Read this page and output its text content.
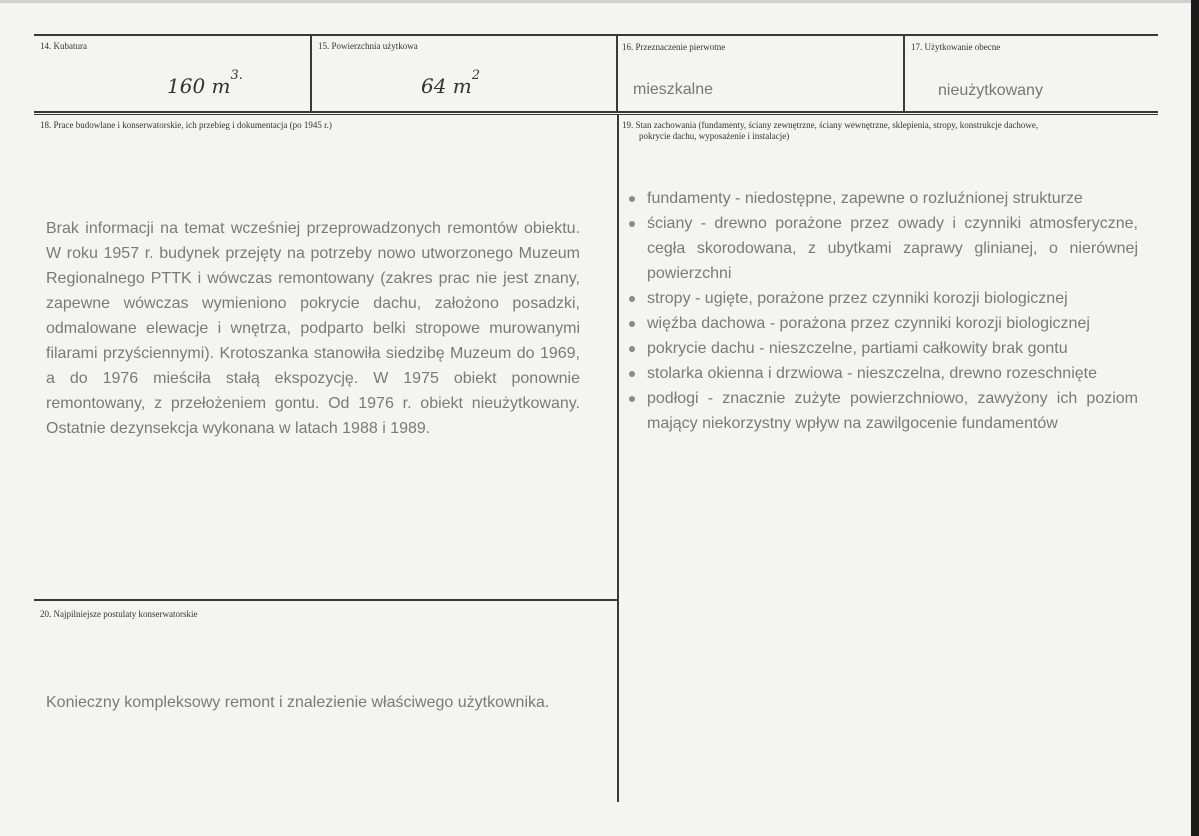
14. Kubatura
160 $m^{3.}$
15. Powierzchnia użytkowa
64 $m^2$
16. Przeznaczenie pierwotne
mieszkalne
17. Użytkowanie obecne
nieużytkowany
18. Prace budowlane i konserwatorskie, ich przebieg i dokumentacja (po 1945 r.)

Brak informacji na temat wcześniej przeprowadzonych remontów obiektu. W roku 1957 r. budynek przejęty na potrzeby nowo utworzonego Muzeum Regionalnego PTTK i wówczas remontowany (zakres prac nie jest znany, zapewne wówczas wymieniono pokrycie dachu, założono posadzki, odmalowane elewacje i wnętrza, podparto belki stropowe murowanymi filarami przyściennymi). Krotoszanka stanowiła siedzibę Muzeum do 1969, a do 1976 mieściła stałą ekspozycję. W 1975 obiekt ponownie remontowany, z przełożeniem gontu. Od 1976 r. obiekt nieużytkowany. Ostatnie dezynsekcja wykonana w latach 1988 i 1989.

19. Stan zachowania (fundamenty, ściany zewnętrzne, ściany wewnętrzne, sklepienia, stropy, konstrukcje dachowe,
pokrycie dachu, wyposażenie i instalacje)
fundamenty - niedostępne, zapewne o rozluźnionej strukturze
ściany - drewno porażone przez owady i czynniki atmosferyczne, cegła skorodowana, z ubytkami zaprawy glinianej, o nierównej powierzchni
stropy - ugięte, porażone przez czynniki korozji biologicznej
więźba dachowa - porażona przez czynniki korozji biologicznej
pokrycie dachu - nieszczelne, partiami całkowity brak gontu
stolarka okienna i drzwiowa - nieszczelna, drewno rozeschnięte
podłogi - znacznie zużyte powierzchniowo, zawyżony ich poziom mający niekorzystny wpływ na zawilgocenie fundamentów
20. Najpilniejsze postulaty konserwatorskie
Konieczny kompleksowy remont i znalezienie właściwego użytkownika.
